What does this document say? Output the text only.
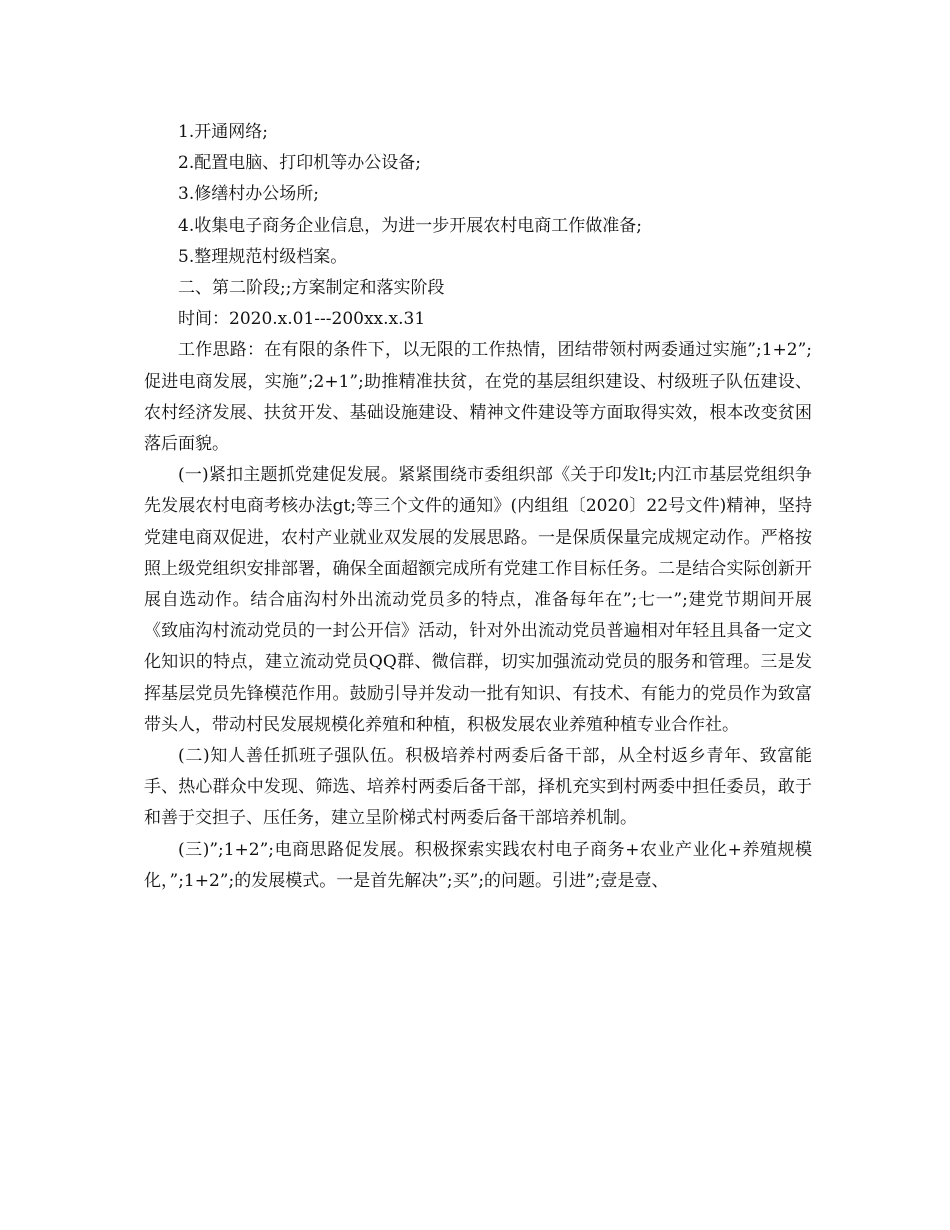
1.开通网络;

2.配置电脑、打印机等办公设备;

3.修缮村办公场所;

4.收集电子商务企业信息，为进一步开展农村电商工作做准备;

5.整理规范村级档案。

二、第二阶段;;方案制定和落实阶段

时间：2020.x.01---200xx.x.31

工作思路：在有限的条件下，以无限的工作热情，团结带领村两委通过实施”;1+2”;促进电商发展，实施”;2+1”;助推精准扶贫，在党的基层组织建设、村级班子队伍建设、农村经济发展、扶贫开发、基础设施建设、精神文件建设等方面取得实效，根本改变贫困落后面貌。

(一)紧扣主题抓党建促发展。紧紧围绕市委组织部《关于印发lt;内江市基层党组织争先发展农村电商考核办法gt;等三个文件的通知》(内组组〔2020〕22号文件)精神，坚持党建电商双促进，农村产业就业双发展的发展思路。一是保质保量完成规定动作。严格按照上级党组织安排部署，确保全面超额完成所有党建工作目标任务。二是结合实际创新开展自选动作。结合庙沟村外出流动党员多的特点，准备每年在”;七一”;建党节期间开展《致庙沟村流动党员的一封公开信》活动，针对外出流动党员普遍相对年轻且具备一定文化知识的特点，建立流动党员QQ群、微信群，切实加强流动党员的服务和管理。三是发挥基层党员先锋模范作用。鼓励引导并发动一批有知识、有技术、有能力的党员作为致富带头人，带动村民发展规模化养殖和种植，积极发展农业养殖种植专业合作社。

(二)知人善任抓班子强队伍。积极培养村两委后备干部，从全村返乡青年、致富能手、热心群众中发现、筛选、培养村两委后备干部，择机充实到村两委中担任委员，敢于和善于交担子、压任务，建立呈阶梯式村两委后备干部培养机制。

(三)”;1+2”;电商思路促发展。积极探索实践农村电子商务+农业产业化+养殖规模化，”;1+2”;的发展模式。一是首先解决”;买”;的问题。引进”;壹是壹、
